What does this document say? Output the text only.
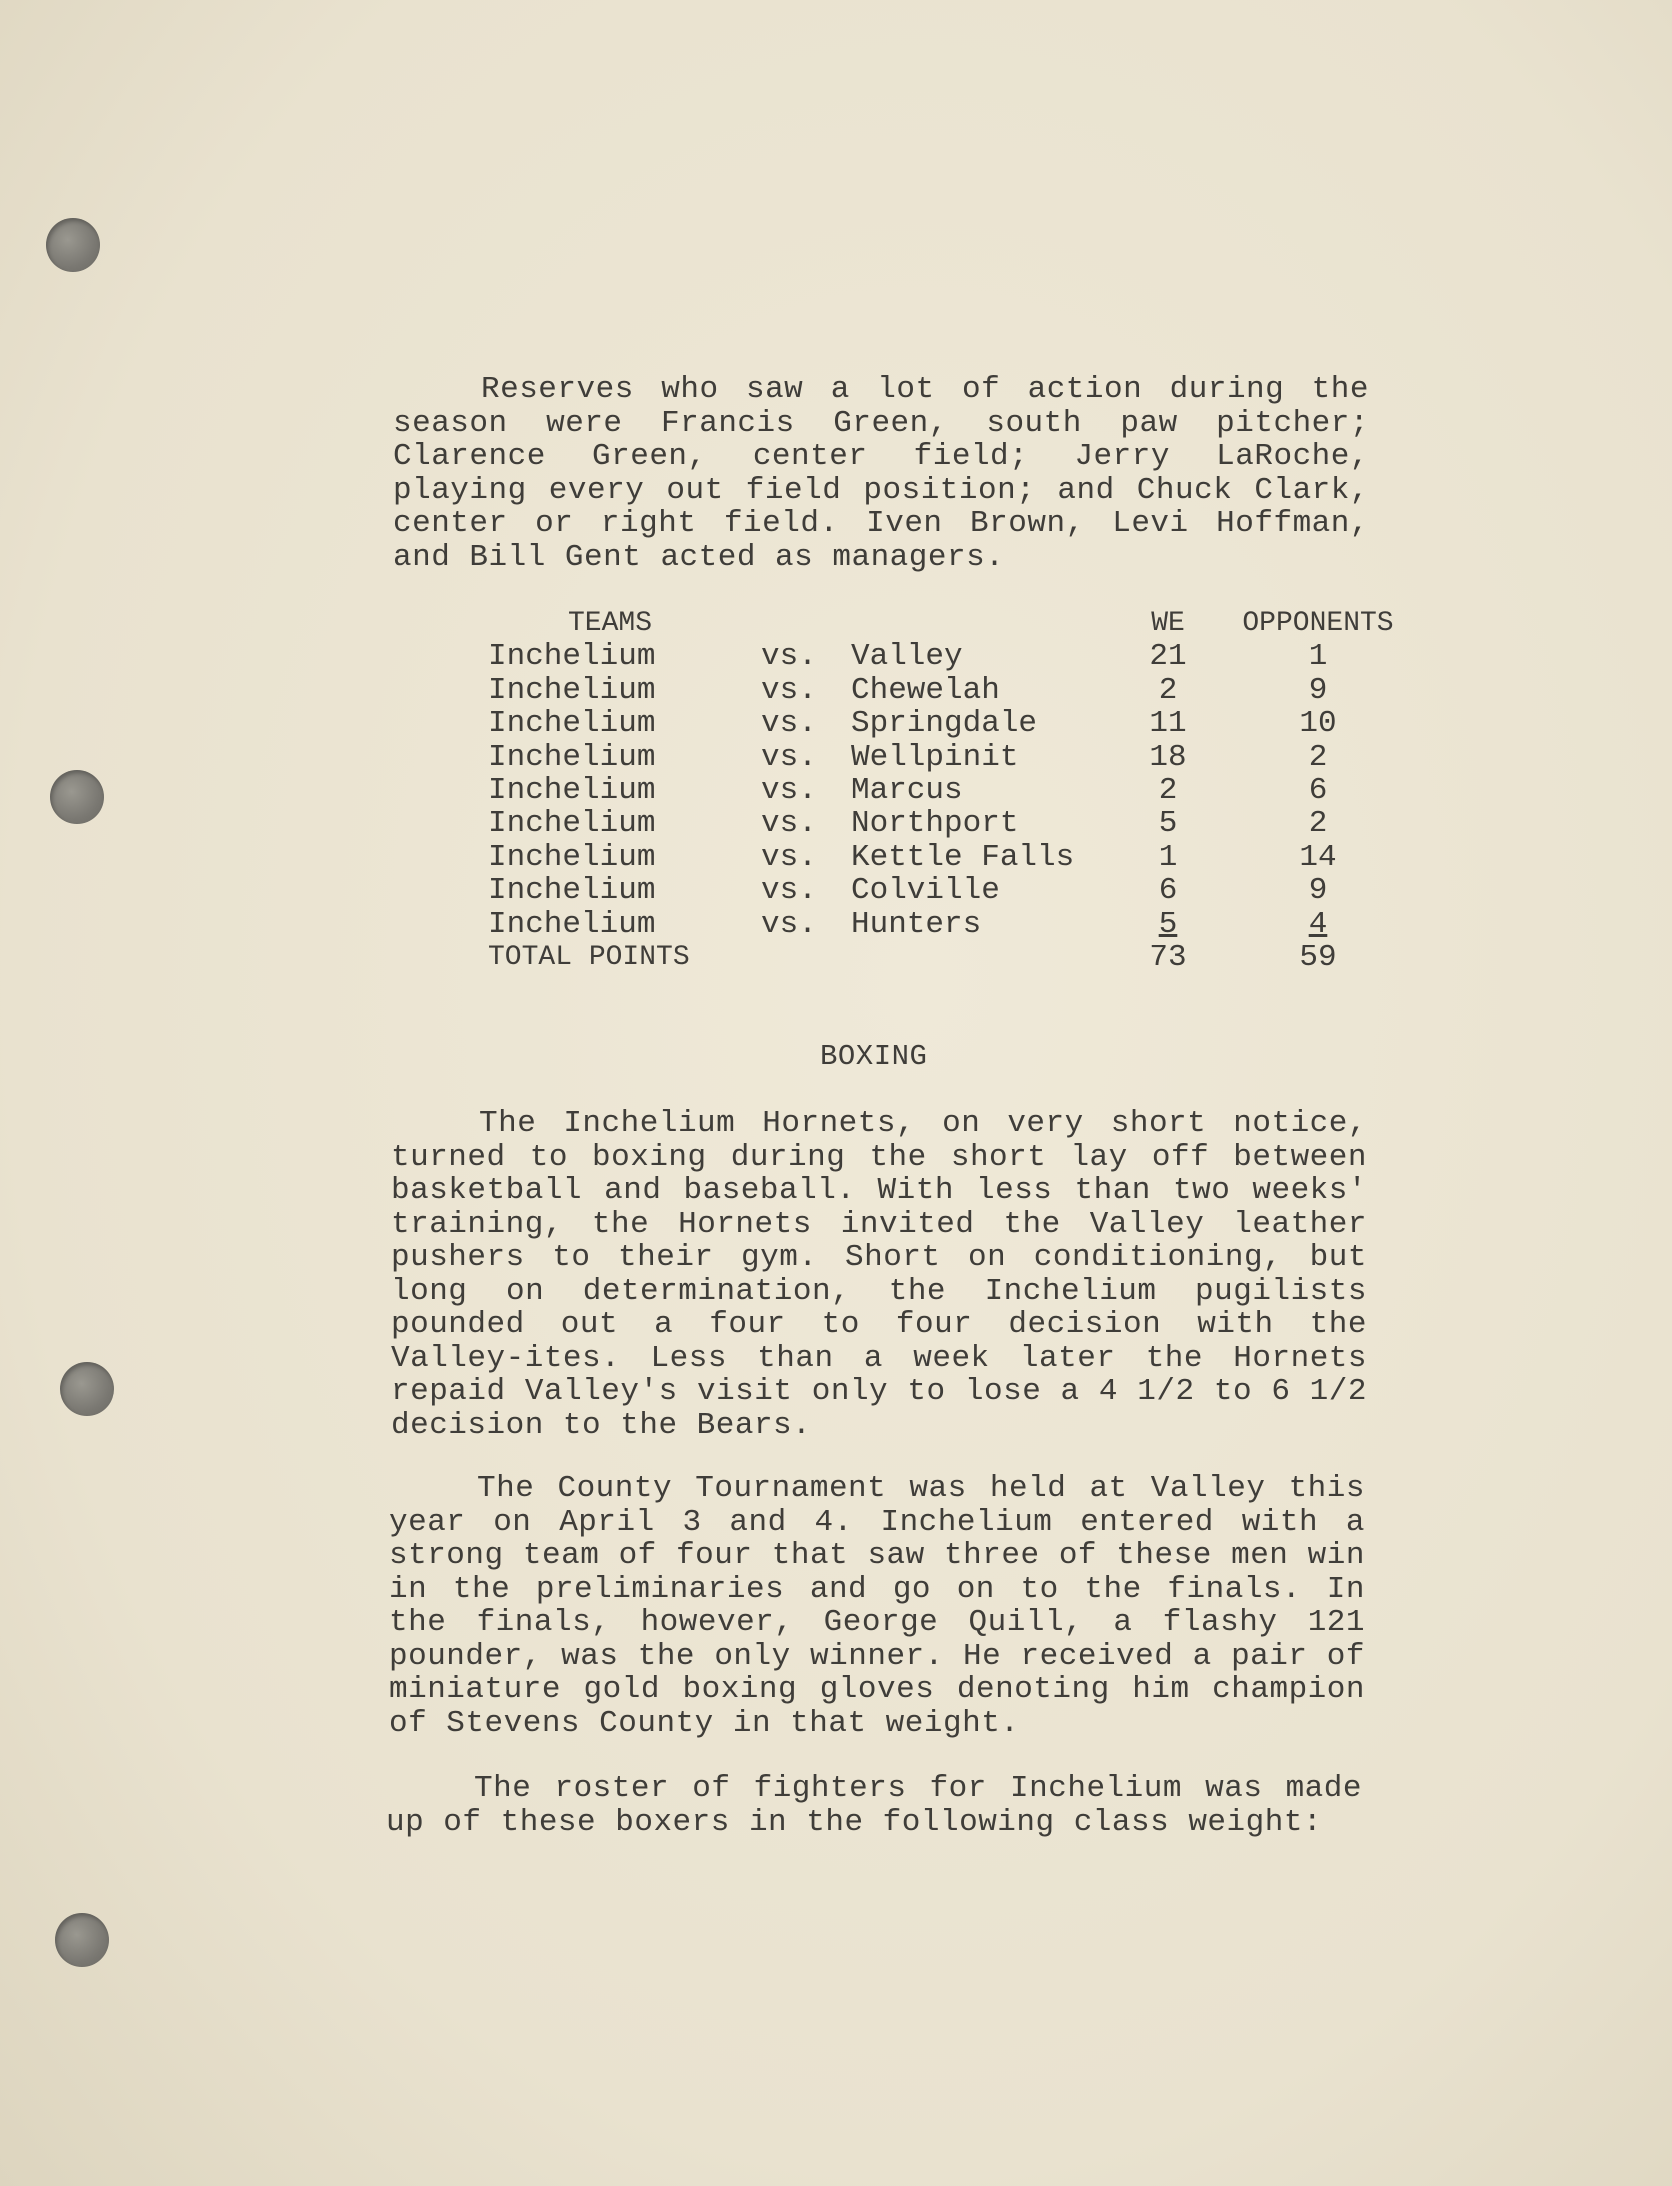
Reserves who saw a lot of action during the season were Francis Green, south paw pitcher; Clarence Green, center field; Jerry LaRoche, playing every out field position; and Chuck Clark, center or right field. Iven Brown, Levi Hoffman, and Bill Gent acted as managers.

TEAMS			WE	OPPONENTS
Inchelium	vs.	Valley	21	1
Inchelium	vs.	Chewelah	2	9
Inchelium	vs.	Springdale	11	10
Inchelium	vs.	Wellpinit	18	2
Inchelium	vs.	Marcus	2	6
Inchelium	vs.	Northport	5	2
Inchelium	vs.	Kettle Falls	1	14
Inchelium	vs.	Colville	6	9
Inchelium	vs.	Hunters	5	4
TOTAL POINTS			73	59
BOXING

The Inchelium Hornets, on very short notice, turned to boxing during the short lay off between basketball and baseball. With less than two weeks' training, the Hornets invited the Valley leather pushers to their gym. Short on conditioning, but long on determination, the Inchelium pugilists pounded out a four to four decision with the Valley-ites. Less than a week later the Hornets repaid Valley's visit only to lose a 4 1/2 to 6 1/2 decision to the Bears.

The County Tournament was held at Valley this year on April 3 and 4. Inchelium entered with a strong team of four that saw three of these men win in the preliminaries and go on to the finals. In the finals, however, George Quill, a flashy 121 pounder, was the only winner. He received a pair of miniature gold boxing gloves denoting him champion of Stevens County in that weight.

The roster of fighters for Inchelium was made up of these boxers in the following class weight:
